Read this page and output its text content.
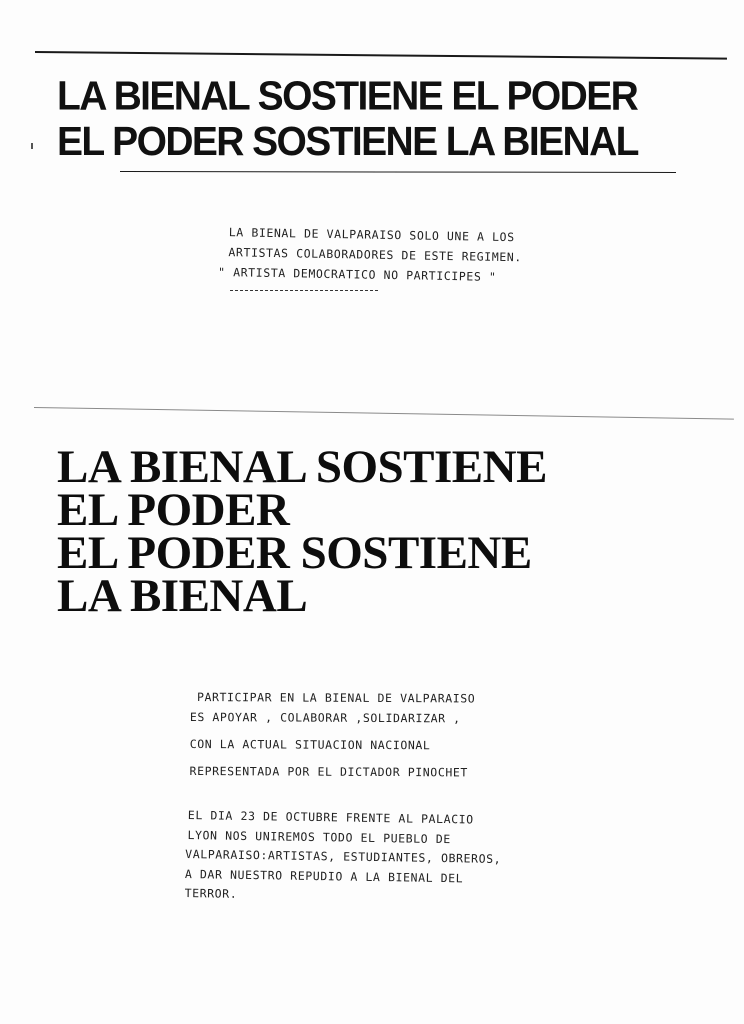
LA BIENAL SOSTIENE EL PODER
EL PODER SOSTIENE LA BIENAL
LA BIENAL DE VALPARAISO SOLO UNE A LOS
ARTISTAS COLABORADORES DE ESTE REGIMEN.
" ARTISTA DEMOCRATICO NO PARTICIPES "
LA BIENAL SOSTIENE
EL PODER
EL PODER SOSTIENE
LA BIENAL
PARTICIPAR EN LA BIENAL DE VALPARAISO
ES APOYAR , COLABORAR ,SOLIDARIZAR ,
CON LA ACTUAL SITUACION NACIONAL
REPRESENTADA POR EL DICTADOR PINOCHET
EL DIA 23 DE OCTUBRE FRENTE AL PALACIO
LYON NOS UNIREMOS TODO EL PUEBLO DE
VALPARAISO:ARTISTAS, ESTUDIANTES, OBREROS,
A DAR NUESTRO REPUDIO A LA BIENAL DEL
TERROR.
